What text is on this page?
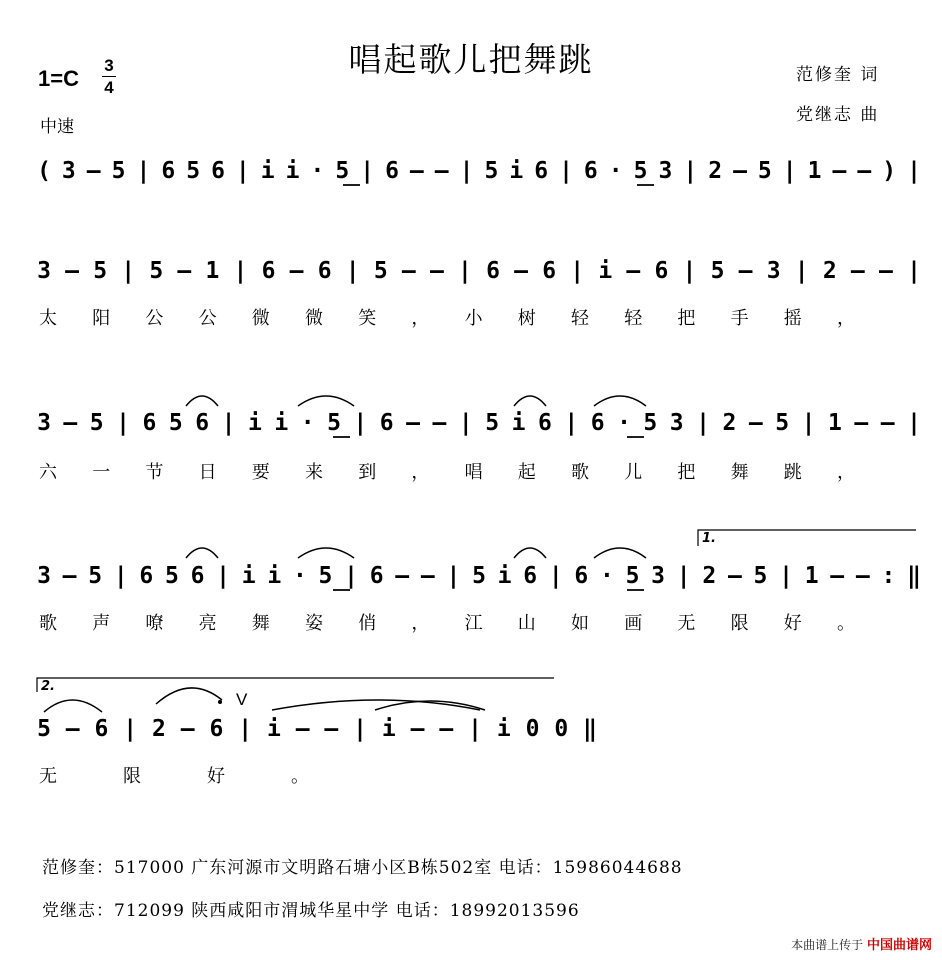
唱起歌儿把舞跳
1=C
3
4
中速
范修奎 词
党继志 曲
( 3 – 5 | 6 5 6 | i i · 5 | 6 – – | 5 i 6 | 6 · 5 3 | 2 – 5 | 1 – – ) |
3 – 5 | 5 – 1 | 6 – 6 | 5 – – | 6 – 6 | i – 6 | 5 – 3 | 2 – – |
太 阳 公 公 微 微 笑 ， 小 树 轻 轻 把 手 摇 ，
3 – 5 | 6 5 6 | i i · 5 | 6 – – | 5 i 6 | 6 · 5 3 | 2 – 5 | 1 – – |
六 一 节 日 要 来 到 ， 唱 起 歌 儿 把 舞 跳 ，
3 – 5 | 6 5 6 | i i · 5 | 6 – – | 5 i 6 | 6 · 5 3 | 2 – 5 | 1 – – : ‖
歌 声 嘹 亮 舞 姿 俏 ， 江 山 如 画 无 限 好 。
5 – 6 | 2 – 6 | i – – | i – – | i 0 0 ‖
无	限	好	。
V
1.
2.
范修奎：517000 广东河源市文明路石塘小区B栋502室 电话：15986044688
党继志：712099 陕西咸阳市渭城华星中学 电话：18992013596
本曲谱上传于 中国曲谱网
